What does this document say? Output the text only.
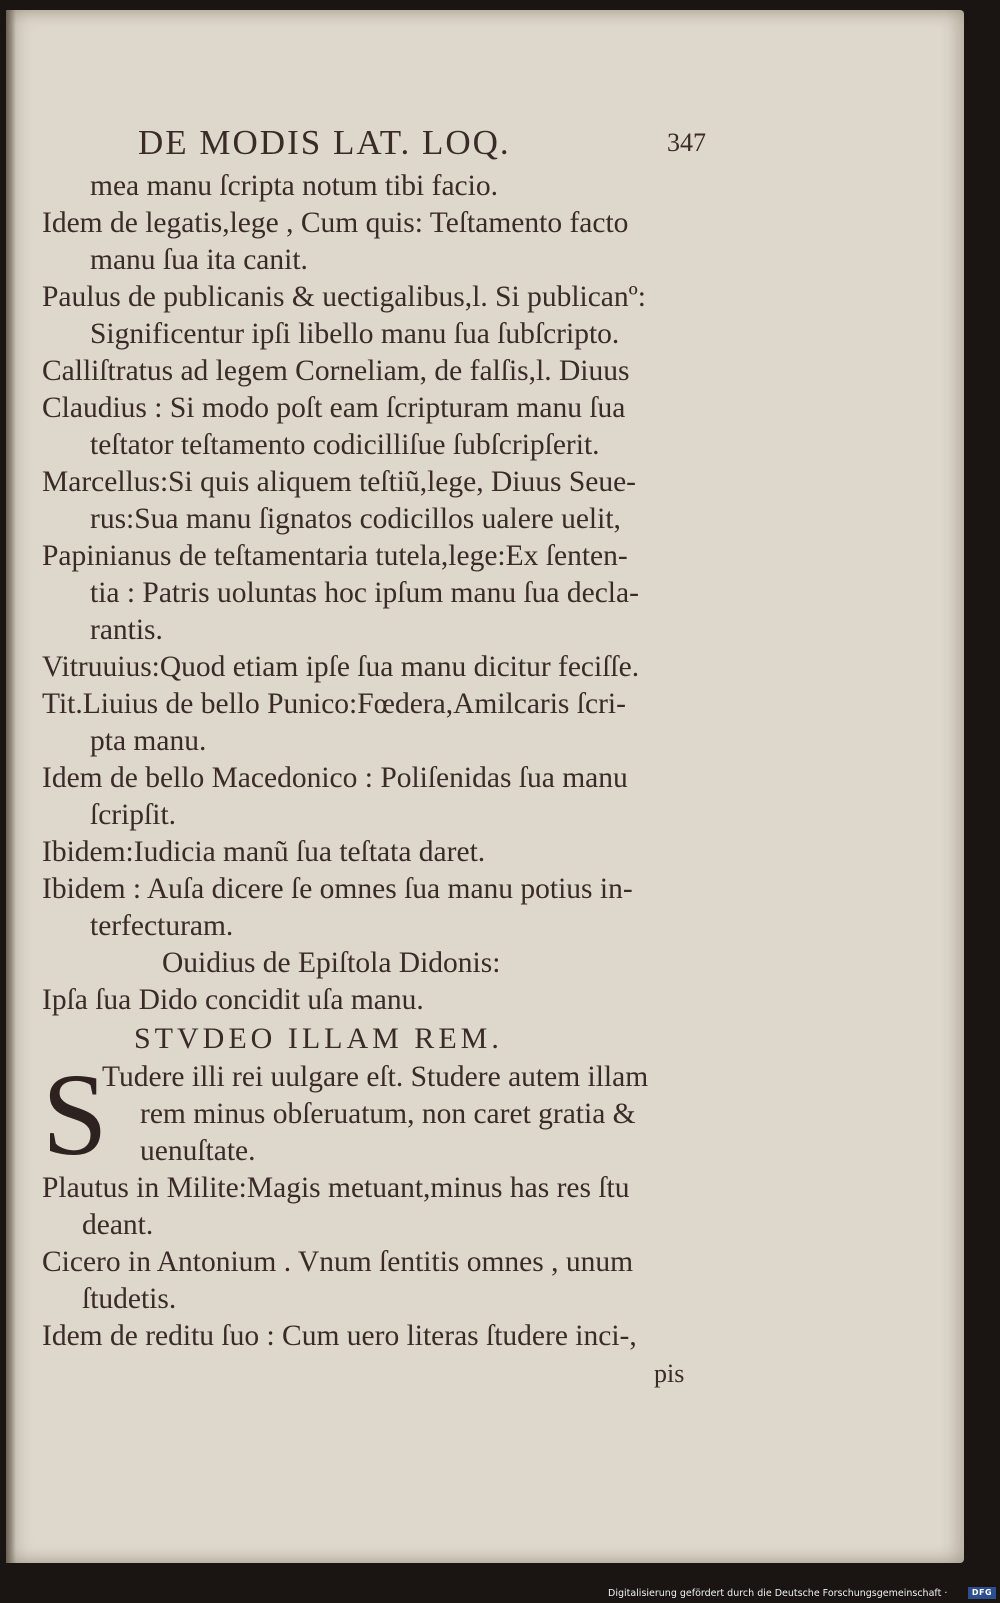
DE MODIS LAT. LOQ.	347
mea manu ſcripta notum tibi facio.
Idem de legatis,lege , Cum quis: Teſtamento facto
manu ſua ita canit.
Paulus de publicanis & uectigalibus,l. Si publicanº:
Significentur ipſi libello manu ſua ſubſcripto.
Calliſtratus ad legem Corneliam, de falſis,l. Diuus
Claudius : Si modo poſt eam ſcripturam manu ſua
teſtator teſtamento codicilliſue ſubſcripſerit.
Marcellus:Si quis aliquem teſtiũ,lege, Diuus Seue-
rus:Sua manu ſignatos codicillos ualere uelit,
Papinianus de teſtamentaria tutela,lege:Ex ſenten-
tia : Patris uoluntas hoc ipſum manu ſua decla-
rantis.
Vitruuius:Quod etiam ipſe ſua manu dicitur feciſſe.
Tit.Liuius de bello Punico:Fœdera,Amilcaris ſcri-
pta manu.
Idem de bello Macedonico : Poliſenidas ſua manu
ſcripſit.
Ibidem:Iudicia manũ ſua teſtata daret.
Ibidem : Auſa dicere ſe omnes ſua manu potius in-
terfecturam.
Ouidius de Epiſtola Didonis:
Ipſa ſua Dido concidit uſa manu.
STVDEO ILLAM REM.
S
Tudere illi rei uulgare eſt. Studere autem illam
rem minus obſeruatum, non caret gratia &
uenuſtate.
Plautus in Milite:Magis metuant,minus has res ſtu
deant.
Cicero in Antonium . Vnum ſentitis omnes , unum
ſtudetis.
Idem de reditu ſuo : Cum uero literas ſtudere inci-,
pis
Digitalisierung gefördert durch die Deutsche Forschungsgemeinschaft ·	DFG
